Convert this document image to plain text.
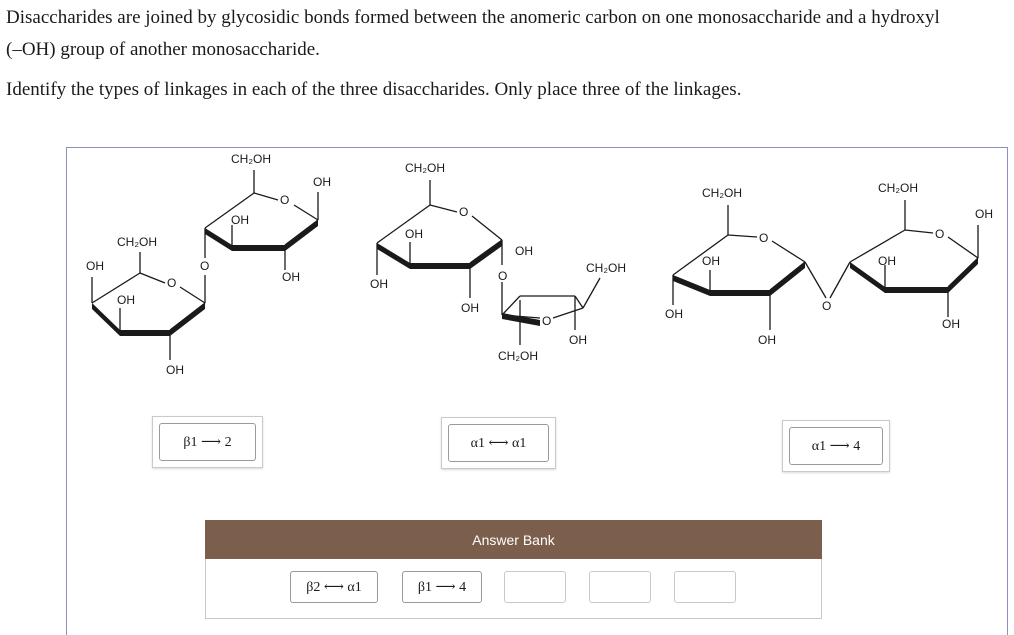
Disaccharides are joined by glycosidic bonds formed between the anomeric carbon on one monosaccharide and a hydroxyl

(–OH) group of another monosaccharide.

Identify the types of linkages in each of the three disaccharides. Only place three of the linkages.

CH₂OH
OH
OH
O
O
OH
CH₂OH
OH
O
OH
OH
CH₂OH
OH
O
OH
OH
O
CH₂OH
OH
O
OH
CH₂OH
CH₂OH
OH
O
OH
OH
O
CH₂OH
OH
OH
O
OH
β1 ⟶ 2	α1 ⟷ α1	α1 ⟶ 4
Answer Bank
β2 ⟷ α1	β1 ⟶ 4
